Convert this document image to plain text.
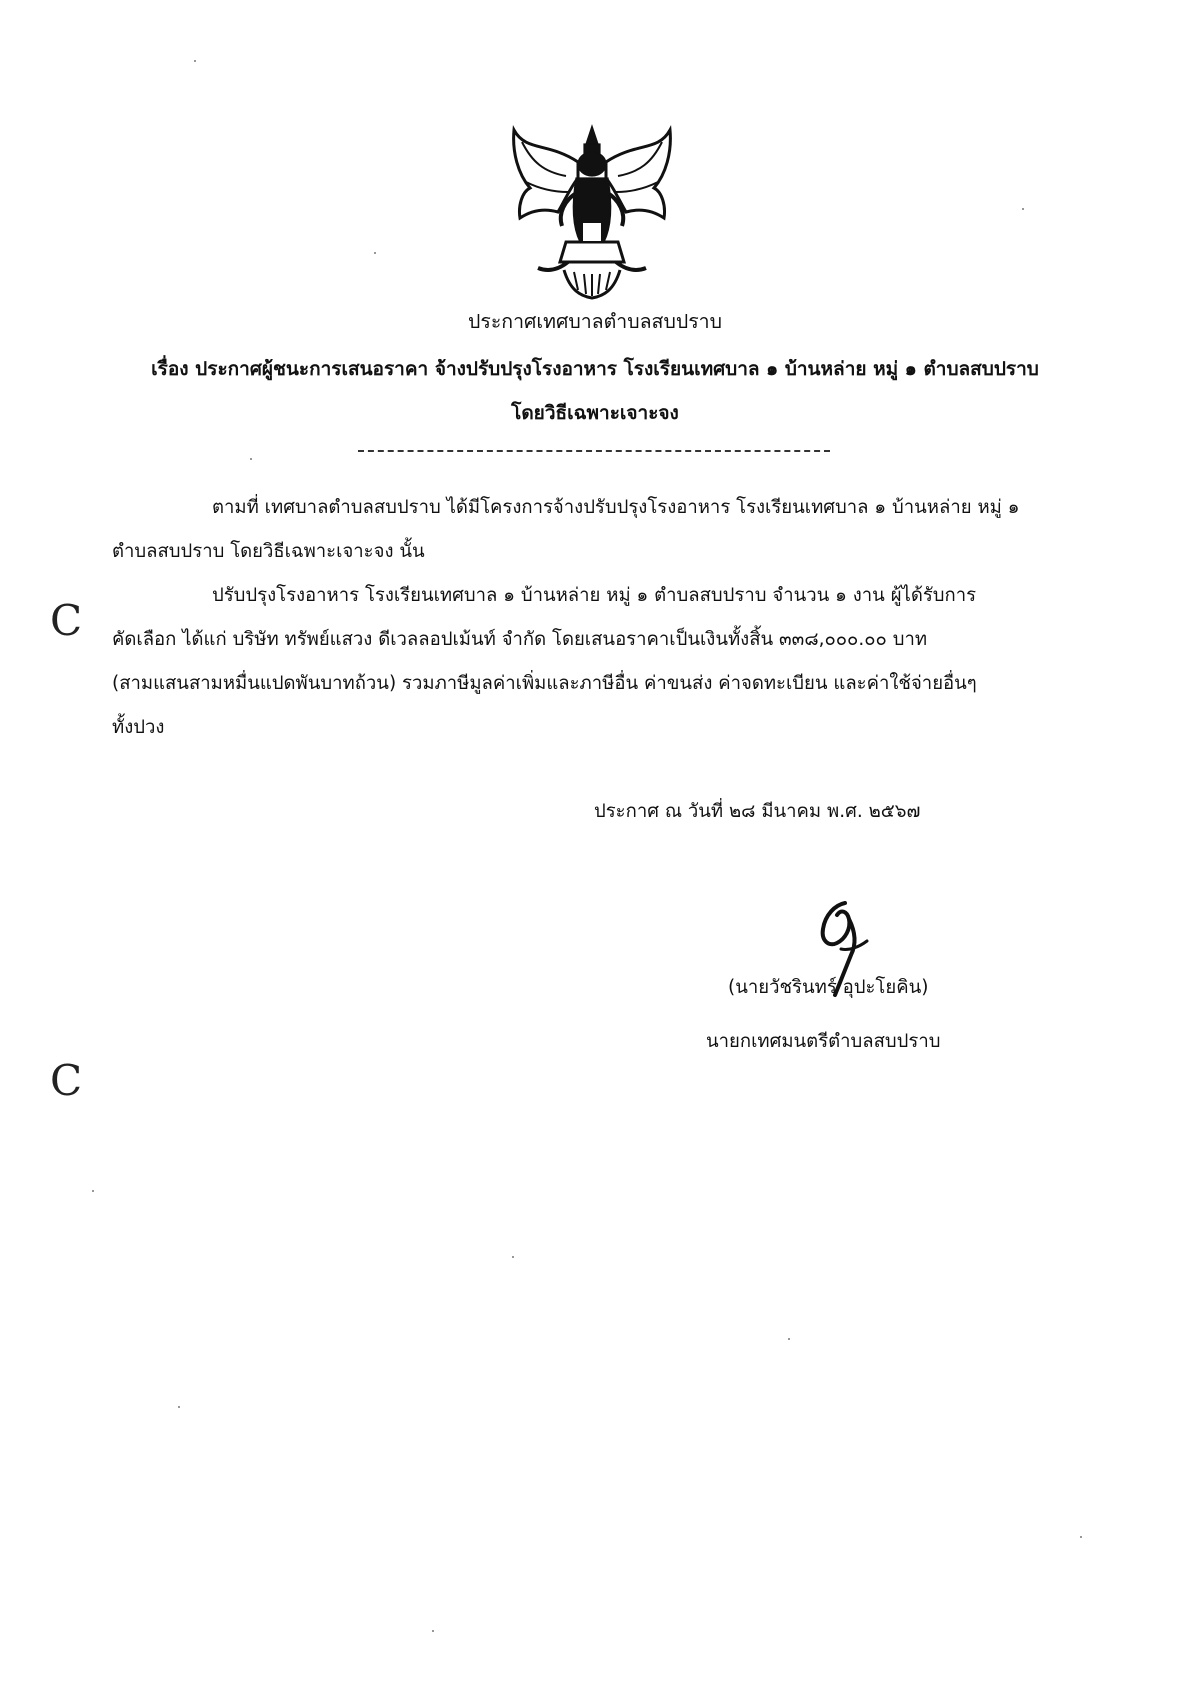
ประกาศเทศบาลตำบลสบปราบ
เรื่อง ประกาศผู้ชนะการเสนอราคา จ้างปรับปรุงโรงอาหาร โรงเรียนเทศบาล ๑ บ้านหล่าย หมู่ ๑ ตำบลสบปราบ
โดยวิธีเฉพาะเจาะจง
ตามที่ เทศบาลตำบลสบปราบ ได้มีโครงการจ้างปรับปรุงโรงอาหาร โรงเรียนเทศบาล ๑ บ้านหล่าย หมู่ ๑
ตำบลสบปราบ โดยวิธีเฉพาะเจาะจง นั้น
ปรับปรุงโรงอาหาร โรงเรียนเทศบาล ๑ บ้านหล่าย หมู่ ๑ ตำบลสบปราบ จำนวน ๑ งาน ผู้ได้รับการ
คัดเลือก ได้แก่ บริษัท ทรัพย์แสวง ดีเวลลอปเม้นท์ จำกัด โดยเสนอราคาเป็นเงินทั้งสิ้น ๓๓๘,๐๐๐.๐๐ บาท
(สามแสนสามหมื่นแปดพันบาทถ้วน) รวมภาษีมูลค่าเพิ่มและภาษีอื่น ค่าขนส่ง ค่าจดทะเบียน และค่าใช้จ่ายอื่นๆ
ทั้งปวง
ประกาศ ณ วันที่ ๒๘ มีนาคม พ.ศ. ๒๕๖๗
(นายวัชรินทร์ อุปะโยคิน)
นายกเทศมนตรีตำบลสบปราบ
C
C
